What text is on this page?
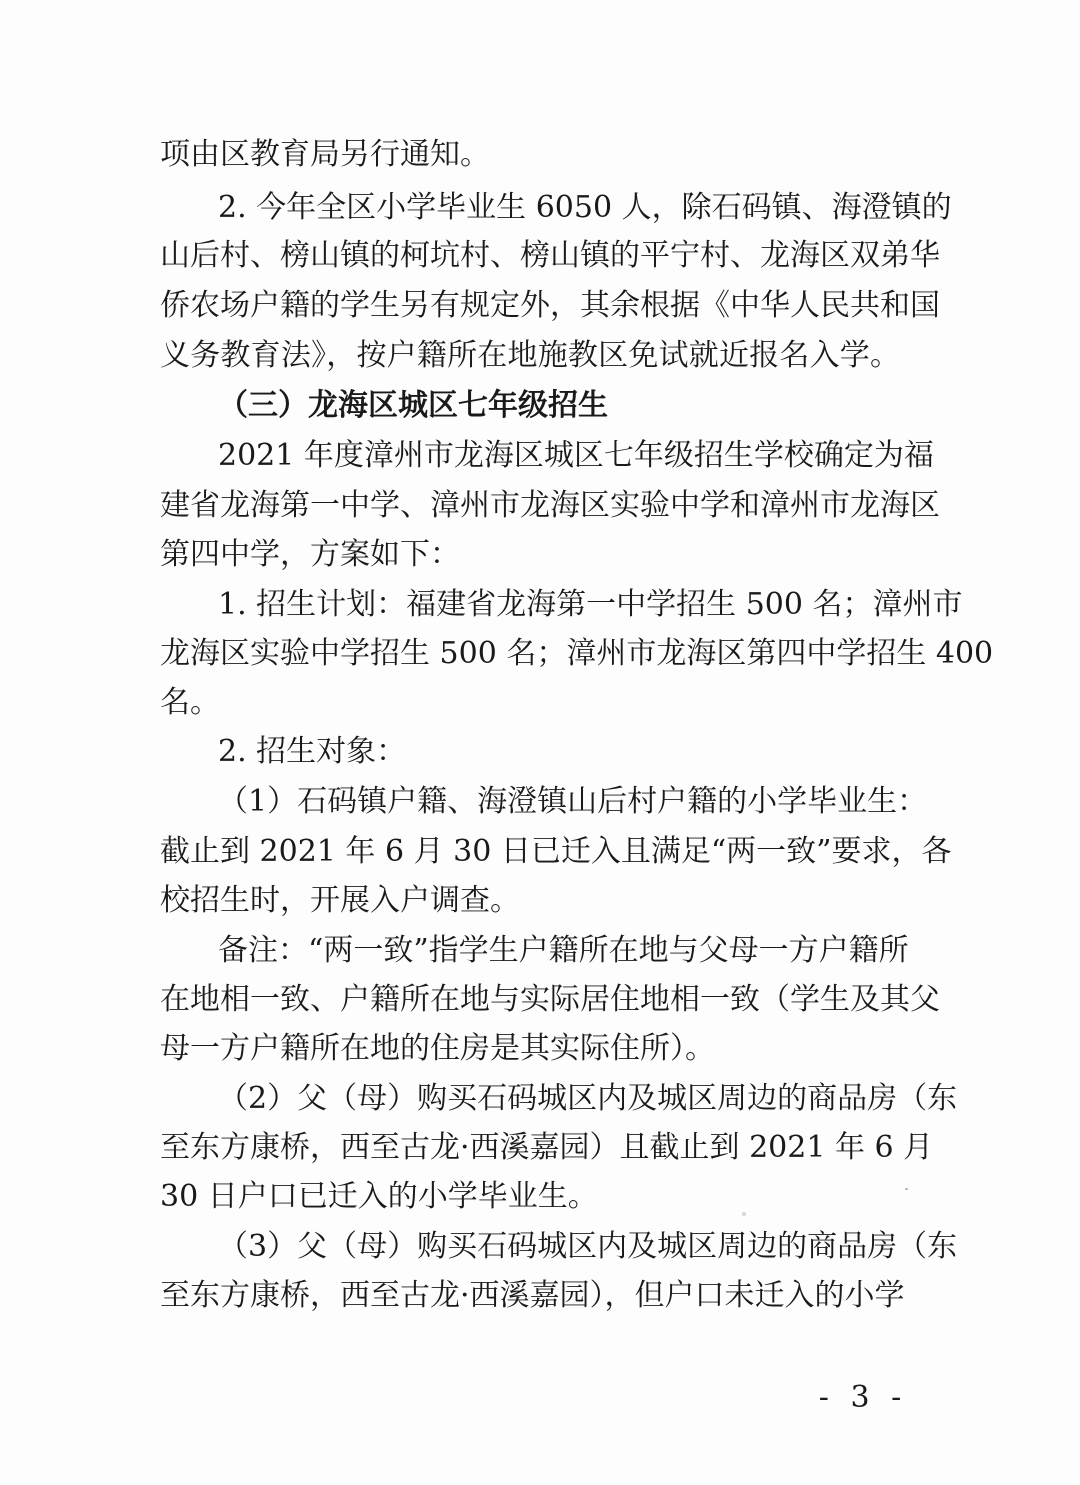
项由区教育局另行通知。
2. 今年全区小学毕业生 6050 人，除石码镇、海澄镇的
山后村、榜山镇的柯坑村、榜山镇的平宁村、龙海区双弟华
侨农场户籍的学生另有规定外，其余根据《中华人民共和国
义务教育法》，按户籍所在地施教区免试就近报名入学。
（三）龙海区城区七年级招生
2021 年度漳州市龙海区城区七年级招生学校确定为福
建省龙海第一中学、漳州市龙海区实验中学和漳州市龙海区
第四中学，方案如下：
1. 招生计划：福建省龙海第一中学招生 500 名；漳州市
龙海区实验中学招生 500 名；漳州市龙海区第四中学招生 400
名。
2. 招生对象：
（1）石码镇户籍、海澄镇山后村户籍的小学毕业生：
截止到 2021 年 6 月 30 日已迁入且满足“两一致”要求，各
校招生时，开展入户调查。
备注：“两一致”指学生户籍所在地与父母一方户籍所
在地相一致、户籍所在地与实际居住地相一致（学生及其父
母一方户籍所在地的住房是其实际住所）。
（2）父（母）购买石码城区内及城区周边的商品房（东
至东方康桥，西至古龙·西溪嘉园）且截止到 2021 年 6 月
30 日户口已迁入的小学毕业生。
（3）父（母）购买石码城区内及城区周边的商品房（东
至东方康桥，西至古龙·西溪嘉园），但户口未迁入的小学
- 3 -
